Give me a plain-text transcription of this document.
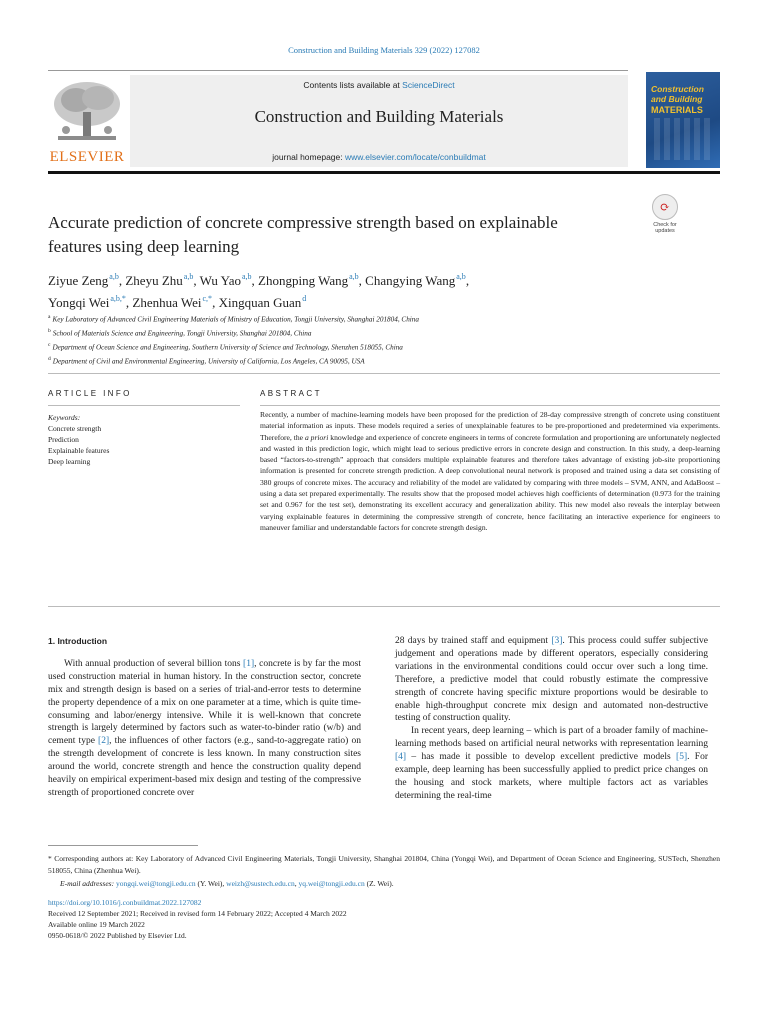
Construction and Building Materials 329 (2022) 127082
ELSEVIER
Contents lists available at ScienceDirect
Construction and Building Materials
journal homepage: www.elsevier.com/locate/conbuildmat
Construction
and Building
MATERIALS
Accurate prediction of concrete compressive strength based on explainable features using deep learning
⟳
Check for updates
Ziyue Zeng$^{a,b}$, Zheyu Zhu$^{a,b}$, Wu Yao$^{a,b}$, Zhongping Wang$^{a,b}$, Changying Wang$^{a,b}$,
Yongqi Wei$^{a,b,*}$, Zhenhua Wei$^{c,*}$, Xingquan Guan$^d$
$^a$ Key Laboratory of Advanced Civil Engineering Materials of Ministry of Education, Tongji University, Shanghai 201804, China
$^b$ School of Materials Science and Engineering, Tongji University, Shanghai 201804, China
$^c$ Department of Ocean Science and Engineering, Southern University of Science and Technology, Shenzhen 518055, China
$^d$ Department of Civil and Environmental Engineering, University of California, Los Angeles, CA 90095, USA
ARTICLE INFO	ABSTRACT
Keywords:
Concrete strength
Prediction
Explainable features
Deep learning
Recently, a number of machine-learning models have been proposed for the prediction of 28-day compressive strength of concrete using constituent material information as inputs. These models required a series of unexplainable features to be pre-proportioned and predetermined via experiments. Therefore, the a priori knowledge and experience of concrete engineers in terms of concrete formulation and proportioning are unfortunately neglected and wasted in this prediction logic, which might lead to serious predictive errors in concrete design and construction. In this study, a deep-learning based “factors-to-strength” approach that considers multiple explainable features and therefore takes advantage of existing job-site proportioning information is presented for concrete strength prediction. A deep convolutional neural network is proposed and trained using a data set consisting of 380 groups of concrete mixes. The accuracy and reliability of the model are validated by comparing with three models – SVM, ANN, and AdaBoost – using a data set prepared experimentally. The results show that the proposed model achieves high coefficients of determination (0.973 for the training set and 0.967 for the test set), demonstrating its excellent accuracy and generalization ability. This new model also reveals the interplay between varying explainable features in determining the compressive strength of concrete, hence facilitating an interactive experience for engineers to maneuver familiar and understandable factors for concrete strength design.
1. Introduction

With annual production of several billion tons [1], concrete is by far the most used construction material in human history. In the construction sector, concrete mix and strength design is based on a series of trial-and-error tests to determine the property dependence of a mix on one parameter at a time, which is quite time-consuming and labor/energy intensive. While it is well-known that concrete strength is largely determined by factors such as water-to-binder ratio (w/b) and cement type [2], the influences of other factors (e.g., sand-to-aggregate ratio) on the strength development of concrete is less known. In many construction sites around the world, concrete strength and hence the construction quality depend heavily on empirical experiment-based mix design and testing of the compressive strength of proportioned concrete over

28 days by trained staff and equipment [3]. This process could suffer subjective judgement and operations made by different operators, especially considering variations in the environmental conditions could occur over such a long time. Therefore, a predictive model that could robustly estimate the compressive strength of concrete having specific mixture proportions would be desirable to enable high-throughput concrete mix design and automated non-destructive testing of construction quality.

In recent years, deep learning – which is part of a broader family of machine-learning methods based on artificial neural networks with representation learning [4] – has made it possible to develop excellent predictive models [5]. For example, deep learning has been successfully applied to predict price changes on the housing and stock markets, where multiple factors act as variables determining the real-time

* Corresponding authors at: Key Laboratory of Advanced Civil Engineering Materials, Tongji University, Shanghai 201804, China (Yongqi Wei), and Department of Ocean Science and Engineering, SUSTech, Shenzhen 518055, China (Zhenhua Wei).
E-mail addresses: yongqi.wei@tongji.edu.cn (Y. Wei), weizh@sustech.edu.cn, yq.wei@tongji.edu.cn (Z. Wei).
https://doi.org/10.1016/j.conbuildmat.2022.127082
Received 12 September 2021; Received in revised form 14 February 2022; Accepted 4 March 2022
Available online 19 March 2022
0950-0618/© 2022 Published by Elsevier Ltd.
